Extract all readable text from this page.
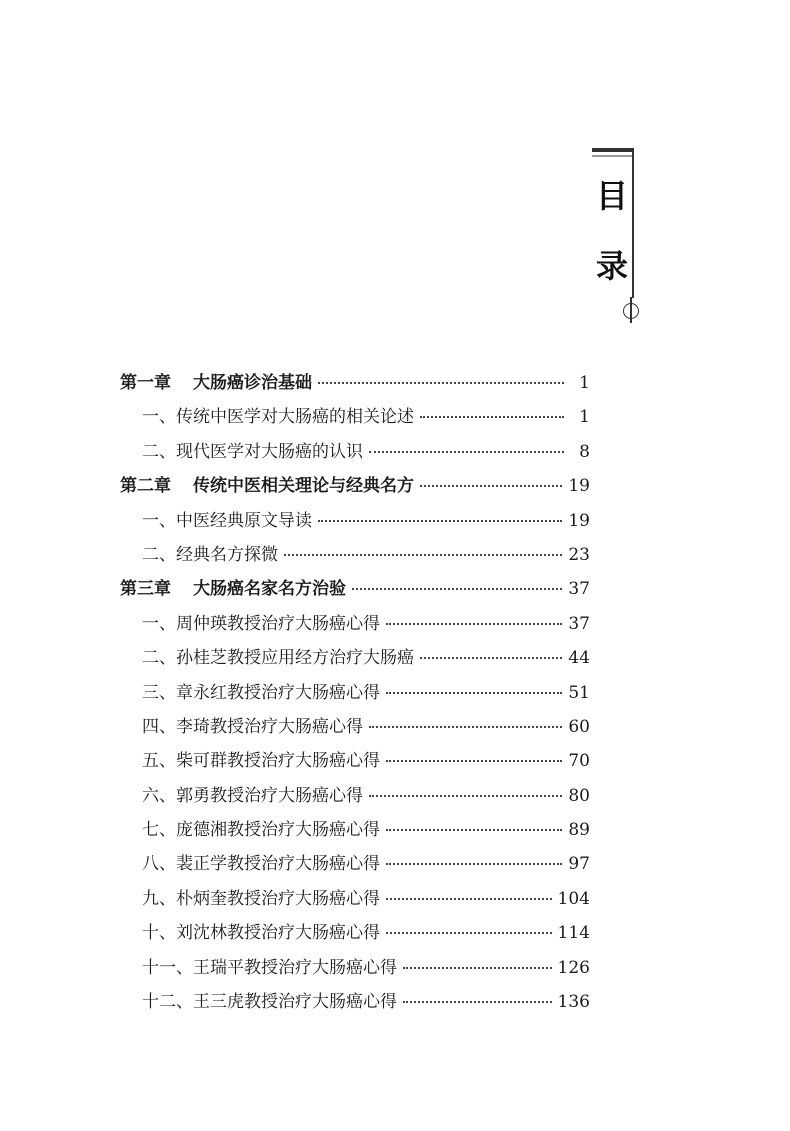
目
录
第一章 大肠癌诊治基础	1
一、传统中医学对大肠癌的相关论述	1
二、现代医学对大肠癌的认识	8
第二章 传统中医相关理论与经典名方	19
一、中医经典原文导读	19
二、经典名方探微	23
第三章 大肠癌名家名方治验	37
一、周仲瑛教授治疗大肠癌心得	37
二、孙桂芝教授应用经方治疗大肠癌	44
三、章永红教授治疗大肠癌心得	51
四、李琦教授治疗大肠癌心得	60
五、柴可群教授治疗大肠癌心得	70
六、郭勇教授治疗大肠癌心得	80
七、庞德湘教授治疗大肠癌心得	89
八、裴正学教授治疗大肠癌心得	97
九、朴炳奎教授治疗大肠癌心得	104
十、刘沈林教授治疗大肠癌心得	114
十一、王瑞平教授治疗大肠癌心得	126
十二、王三虎教授治疗大肠癌心得	136
